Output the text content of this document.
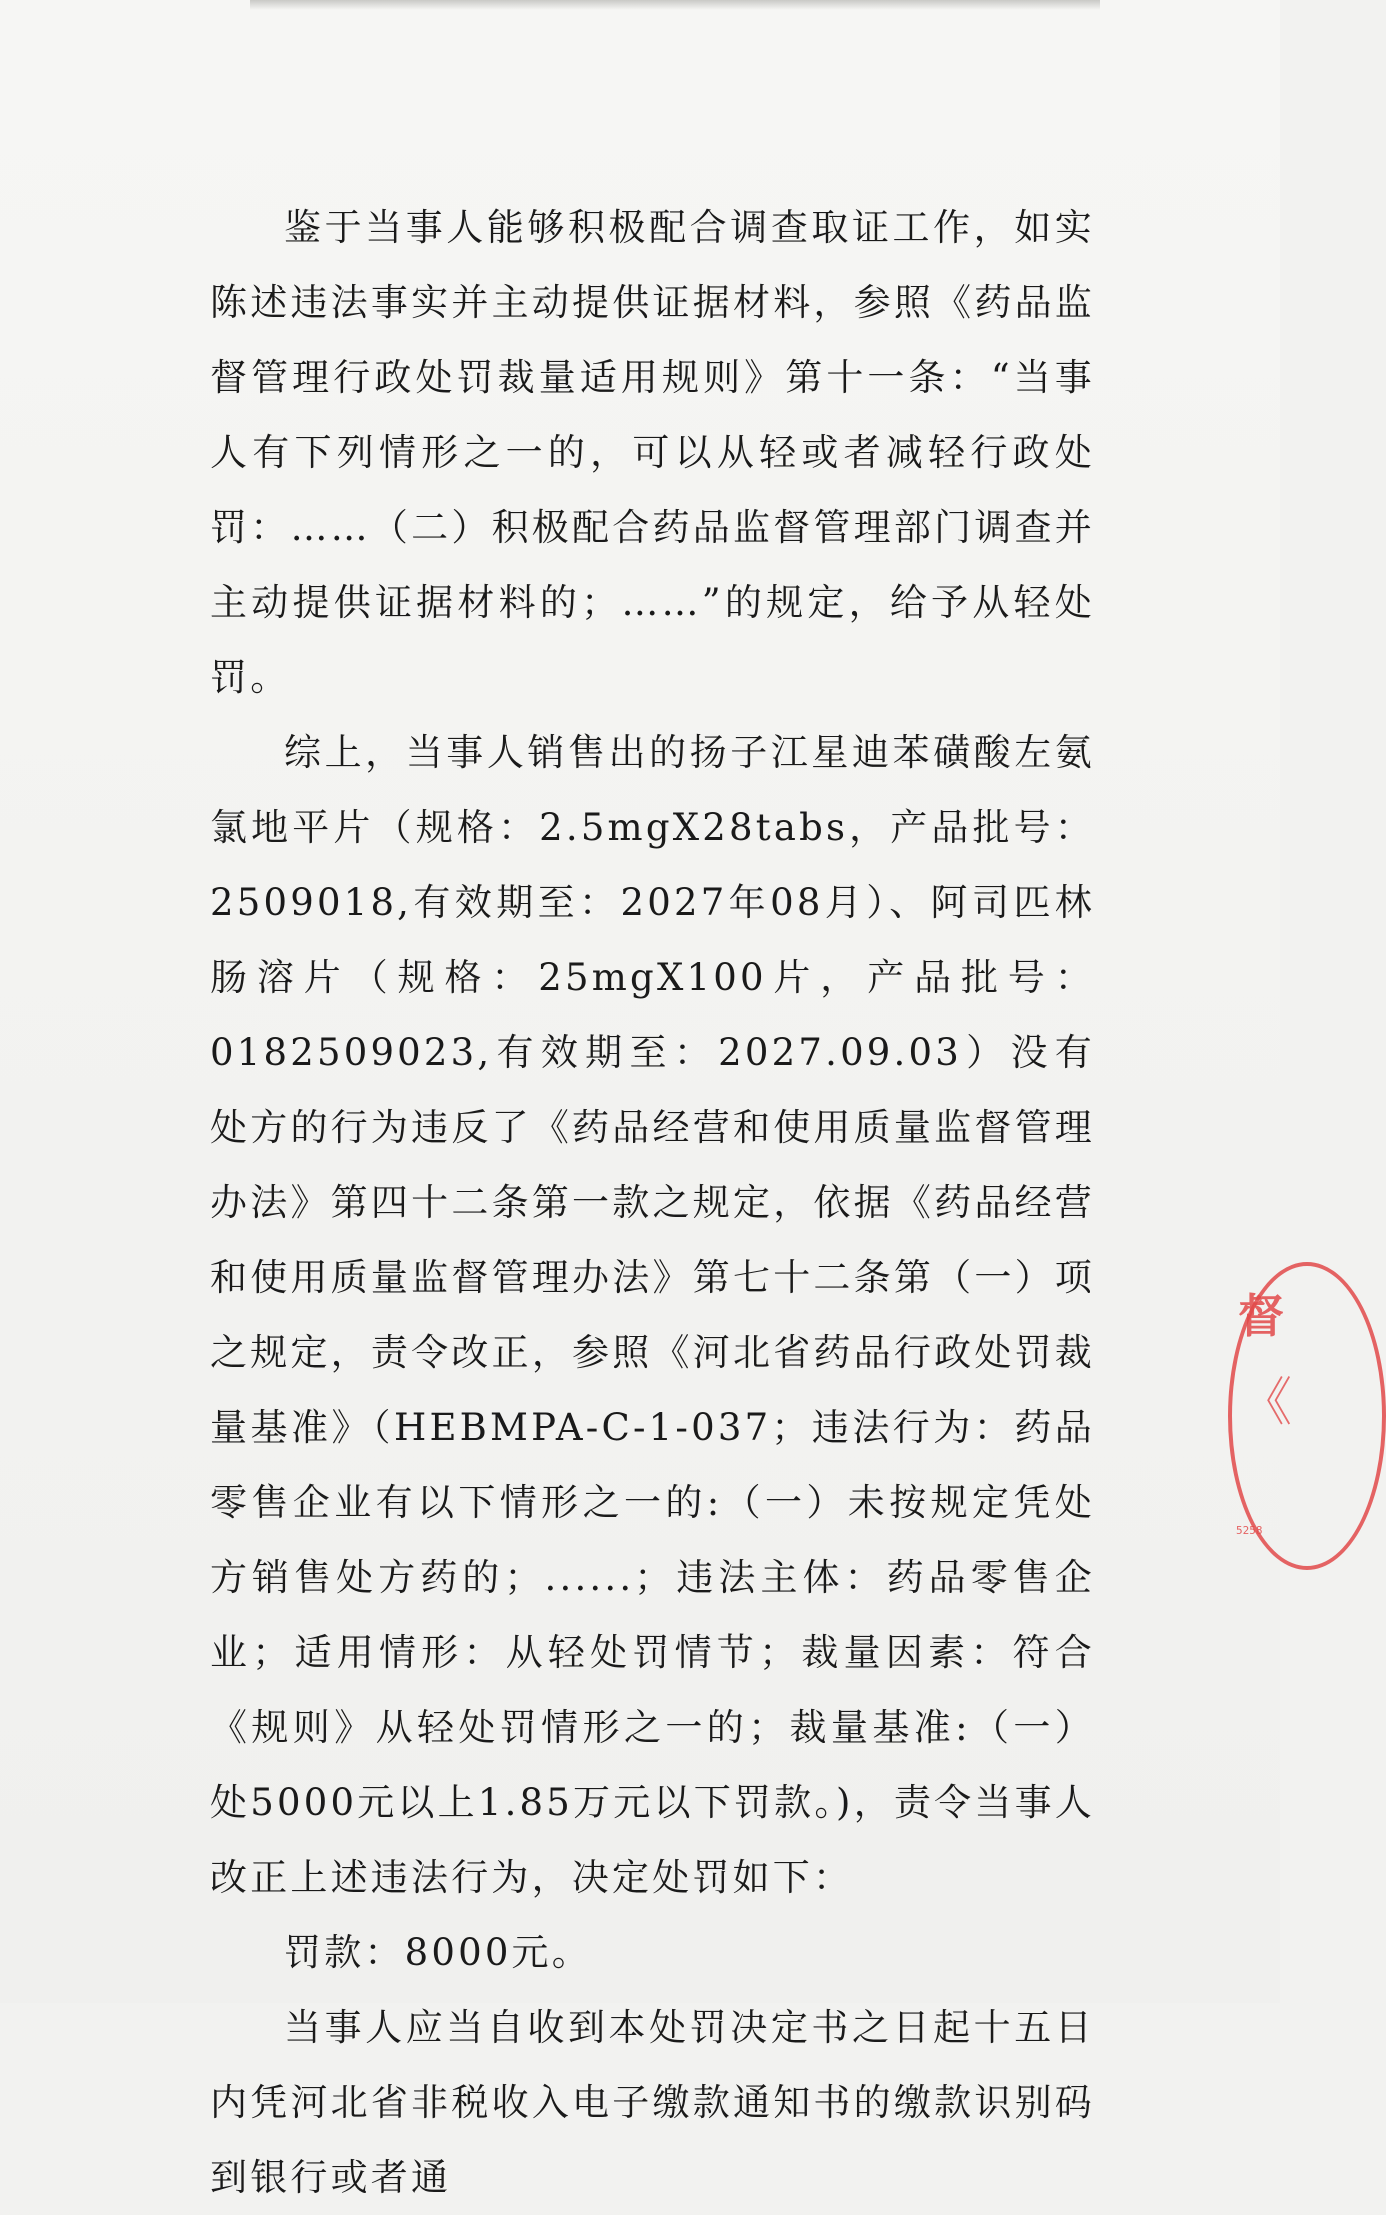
鉴于当事人能够积极配合调查取证工作，如实陈述违法事实并主动提供证据材料，参照《药品监督管理行政处罚裁量适用规则》第十一条：“当事人有下列情形之一的，可以从轻或者减轻行政处罚：……（二）积极配合药品监督管理部门调查并主动提供证据材料的；……”的规定，给予从轻处罚。

综上，当事人销售出的扬子江星迪苯磺酸左氨氯地平片（规格：2.5mgX28tabs，产品批号：2509018,有效期至：2027年08月）、阿司匹林肠溶片（规格：25mgX100片，产品批号：0182509023,有效期至：2027.09.03）没有处方的行为违反了《药品经营和使用质量监督管理办法》第四十二条第一款之规定，依据《药品经营和使用质量监督管理办法》第七十二条第（一）项之规定，责令改正，参照《河北省药品行政处罚裁量基准》（HEBMPA-C-1-037；违法行为：药品零售企业有以下情形之一的:（一）未按规定凭处方销售处方药的；......；违法主体：药品零售企业；适用情形：从轻处罚情节；裁量因素：符合《规则》从轻处罚情形之一的；裁量基准:（一）处5000元以上1.85万元以下罚款。)，责令当事人改正上述违法行为，决定处罚如下：

罚款：8000元。

当事人应当自收到本处罚决定书之日起十五日内凭河北省非税收入电子缴款通知书的缴款识别码到银行或者通

督
《
5258
